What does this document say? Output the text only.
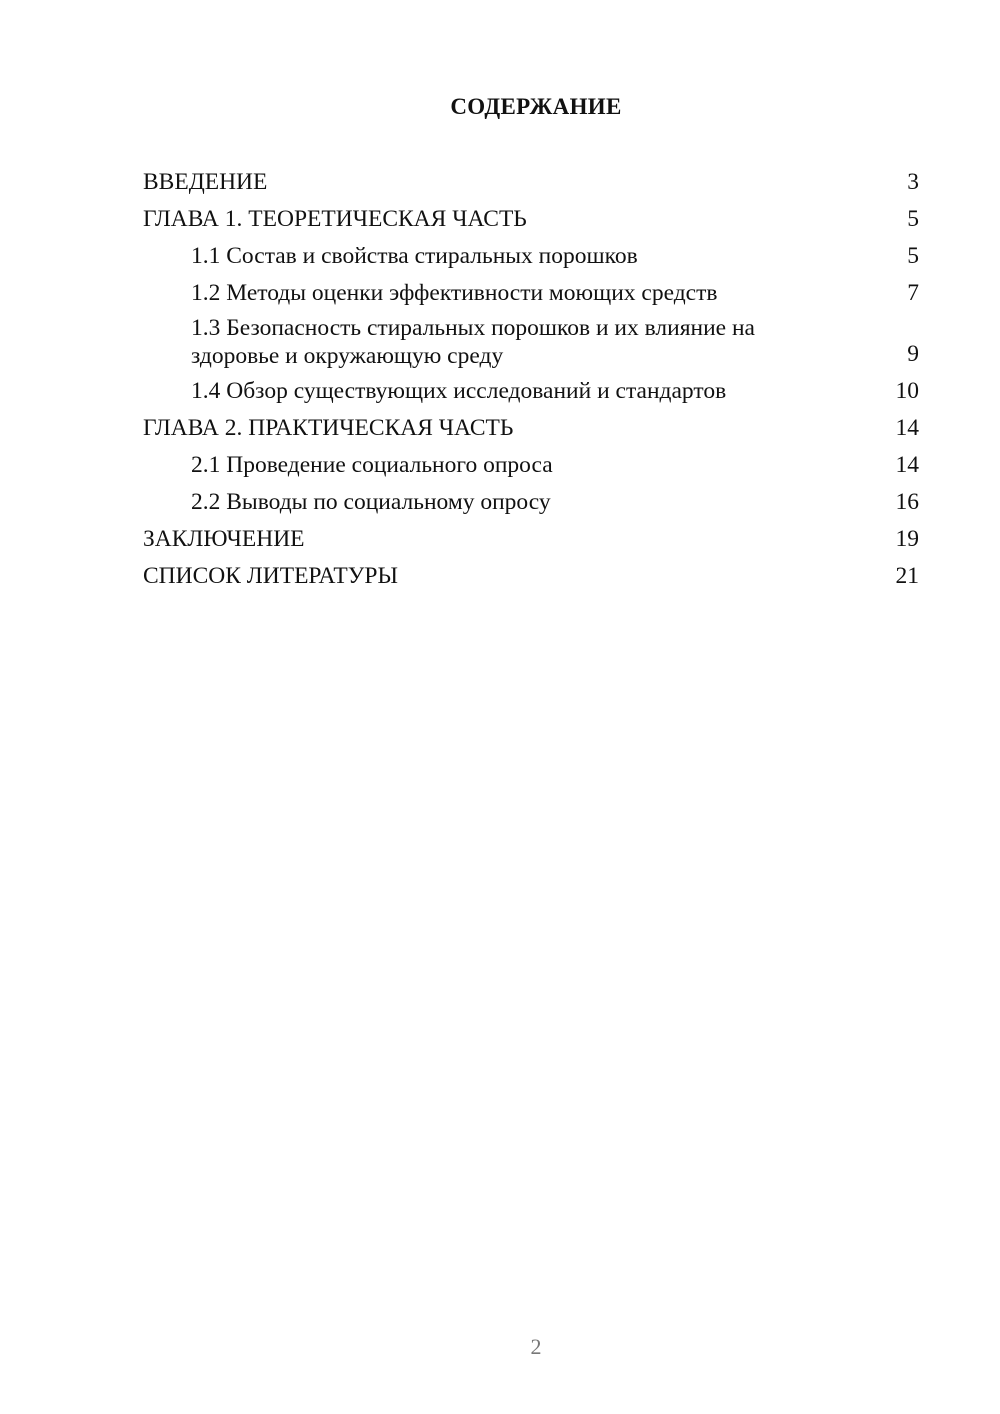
СОДЕРЖАНИЕ
ВВЕДЕНИЕ	3
ГЛАВА 1. ТЕОРЕТИЧЕСКАЯ ЧАСТЬ	5
1.1 Состав и свойства стиральных порошков	5
1.2 Методы оценки эффективности моющих средств	7
1.3 Безопасность стиральных порошков и их влияние на здоровье и окружающую среду	9
1.4 Обзор существующих исследований и стандартов	10
ГЛАВА 2. ПРАКТИЧЕСКАЯ ЧАСТЬ	14
2.1 Проведение социального опроса	14
2.2 Выводы по социальному опросу	16
ЗАКЛЮЧЕНИЕ	19
СПИСОК ЛИТЕРАТУРЫ	21
2
